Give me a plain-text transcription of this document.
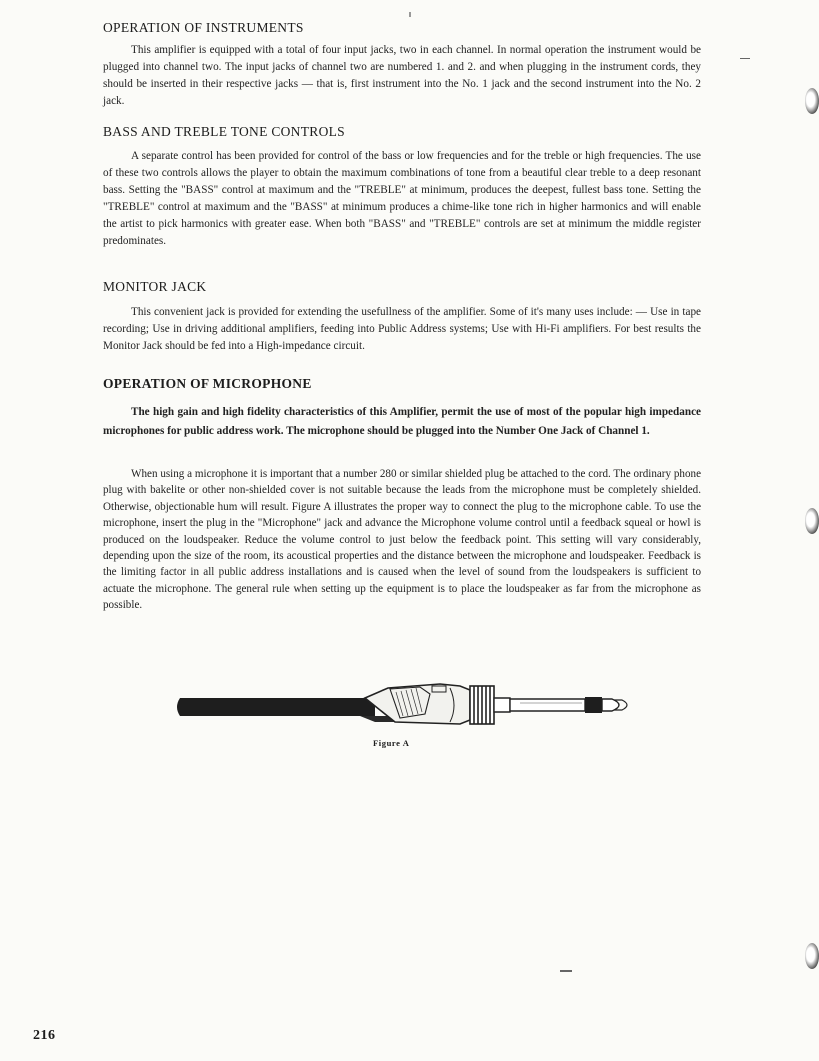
OPERATION OF INSTRUMENTS

This amplifier is equipped with a total of four input jacks, two in each channel. In normal operation the instrument would be plugged into channel two. The input jacks of channel two are numbered 1. and 2. and when plugging in the instrument cords, they should be inserted in their respective jacks — that is, first instrument into the No. 1 jack and the second instrument into the No. 2 jack.

BASS AND TREBLE TONE CONTROLS

A separate control has been provided for control of the bass or low frequencies and for the treble or high frequencies. The use of these two controls allows the player to obtain the maximum combinations of tone from a beautiful clear treble to a deep resonant bass. Setting the "BASS" control at maximum and the "TREBLE" at minimum, produces the deepest, fullest bass tone. Setting the "TREBLE" control at maximum and the "BASS" at minimum produces a chime-like tone rich in higher harmonics and will enable the artist to pick harmonics with greater ease. When both "BASS" and "TREBLE" controls are set at minimum the middle register predominates.

MONITOR JACK

This convenient jack is provided for extending the usefullness of the amplifier. Some of it's many uses include: — Use in tape recording; Use in driving additional amplifiers, feeding into Public Address systems; Use with Hi-Fi amplifiers. For best results the Monitor Jack should be fed into a High-impedance circuit.

OPERATION OF MICROPHONE

The high gain and high fidelity characteristics of this Amplifier, permit the use of most of the popular high impedance microphones for public address work. The microphone should be plugged into the Number One Jack of Channel 1.

When using a microphone it is important that a number 280 or similar shielded plug be attached to the cord. The ordinary phone plug with bakelite or other non-shielded cover is not suitable because the leads from the microphone must be completely shielded. Otherwise, objectionable hum will result. Figure A illustrates the proper way to connect the plug to the microphone cable. To use the microphone, insert the plug in the "Microphone" jack and advance the Microphone volume control until a feedback squeal or howl is produced on the loudspeaker. Reduce the volume control to just below the feedback point. This setting will vary considerably, depending upon the size of the room, its acoustical properties and the distance between the microphone and loudspeaker. Feedback is the limiting factor in all public address installations and is caused when the level of sound from the loudspeakers is sufficient to actuate the microphone. The general rule when setting up the equipment is to place the loudspeaker as far from the microphone as possible.

Figure A
216
